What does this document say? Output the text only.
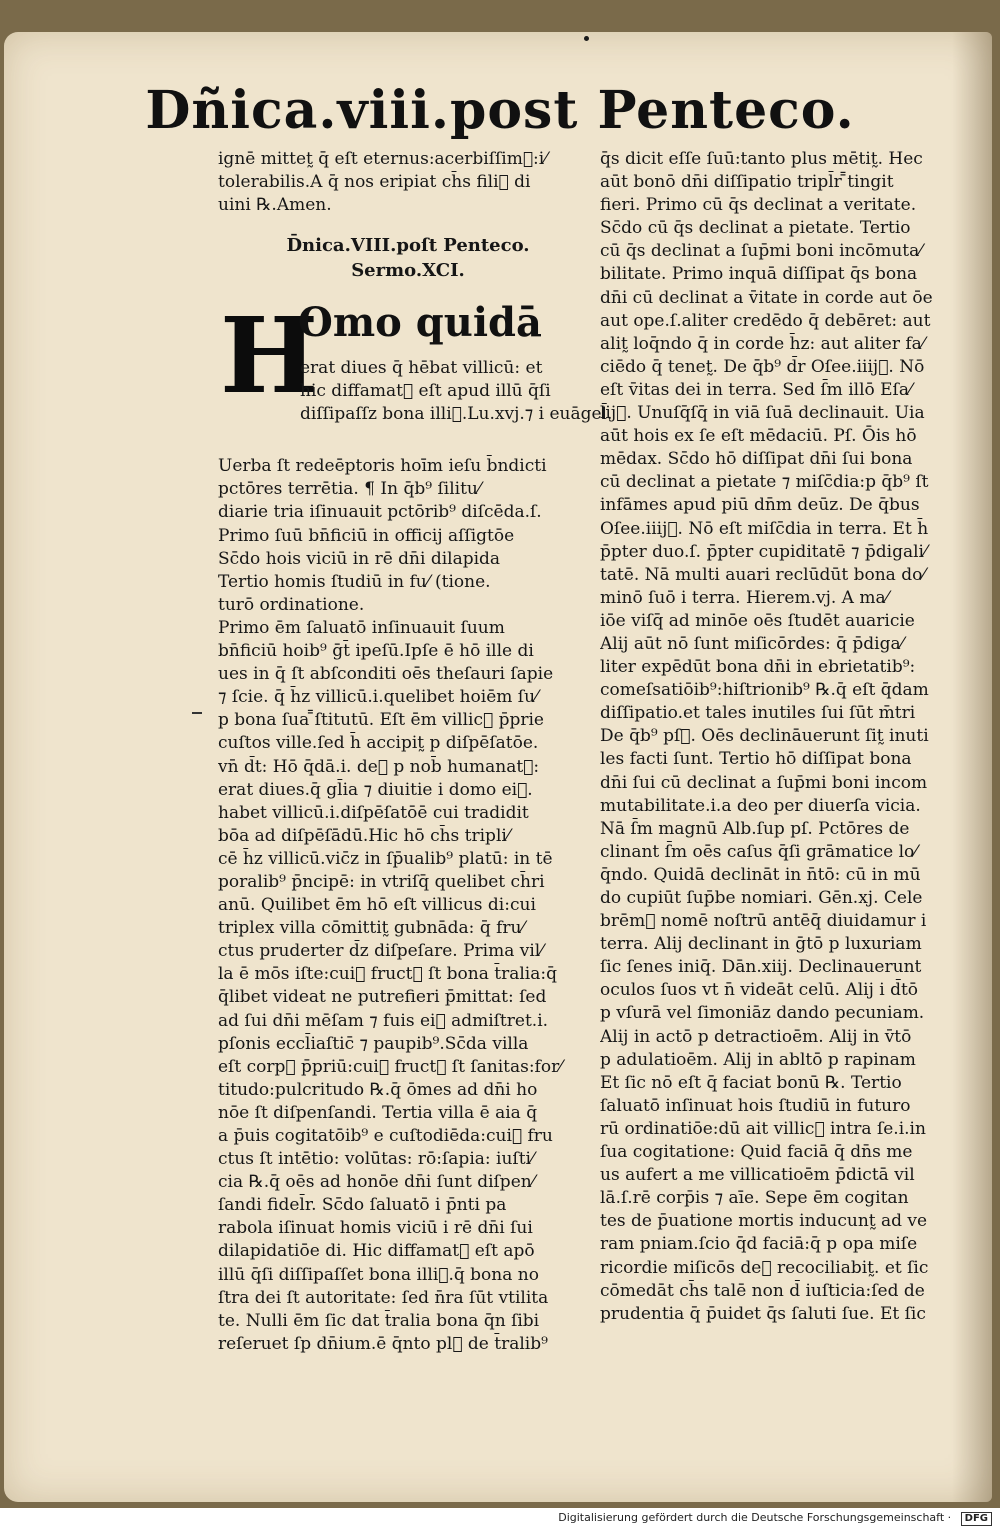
Dñica.viii.post Penteco.
ignē mittet̰ q̄ eſt eternus:acerbiſſim᷒:i⁄
tolerabilis.A q̄ nos eripiat ch̄s fili᷒ di
uini ℞.Amen.
D̄nica.VIII.poſt Penteco.
Sermo.XCI.
H
Omo quidā
erat diues q̄ hēbat villicū: et
hic diffamat᷒ eſt apud illū q̄ſi
diſſipaſſz bona illi᷒.Lu.xvj.⁊ i euāgel̄.
Uerba ſt redeēptoris hoīm ieſu b̄ndicti
pctōres terrētia. ¶ In q̄b⁹ ſilitu⁄
diarie tria iſinuauit pctōrib⁹ diſcēda.ſ.
Primo ſuū bn̄ficiū in officij aſſigtōe
Sc̄do hois viciū in rē dn̄i dilapida
Tertio homis ſtudiū in fu⁄ (tione.
turō ordinatione.
Primo ēm ſaluatō inſinuauit ſuum
bn̄ficiū hoib⁹ ḡt̄ ipeſū.Ipſe ē hō ille di
ues in q̄ ſt abſconditi oēs theſauri ſapie
⁊ ſcie. q̄ h̄z villicū.i.quelibet hoiēm ſu⁄
p bona ſua ̄̄ſtitutū. Eſt ēm villic᷒ p̄prie
cuſtos ville.ſed h̄ accipit̰ p diſpēſatōe.
vn̄ d̄t: Hō q̄dā.i. de᷒ p nob̄ humanat᷒:
erat diues.q̄ gl̄ia ⁊ diuitie i domo ei᷒.
habet villicū.i.diſpēſatōē cui tradidit
bōa ad diſpēſādū.Hic hō ch̄s tripli⁄
cē h̄z villicū.vic̄z in ſp̄ualib⁹ platū: in tē
poralib⁹ p̄ncipē: in vtriſq̄ quelibet ch̄ri
anū. Quilibet ēm hō eſt villicus di:cui
triplex villa cōmittit̰ gubnāda: q̄ fru⁄
ctus pruderter d̄z diſpeſare. Prima vil⁄
la ē mōs iſte:cui᷒ fruct᷒ ſt bona t̄ralia:q̄
q̄libet videat ne putrefieri p̄mittat: ſed
ad ſui dn̄i mēſam ⁊ fuis ei᷒ admiſtret.i.
pſonis eccl̄iaſtic̄ ⁊ paupib⁹.Sc̄da villa
eſt corp᷒ p̄priū:cui᷒ fruct᷒ ſt ſanitas:for⁄
titudo:pulcritudo ℞.q̄ ōmes ad dn̄i ho
nōe ſt diſpenſandi. Tertia villa ē aia q̄
a p̄uis cogitatōib⁹ e cuſtodiēda:cui᷒ fru
ctus ſt intētio: volūtas: rō:ſapia: iuſti⁄
cia ℞.q̄ oēs ad honōe dn̄i ſunt diſpen⁄
ſandi fidel̄r. Sc̄do ſaluatō i p̄nti pa
rabola iſinuat homis viciū i rē dn̄i ſui
dilapidatiōe di. Hic diffamat᷒ eſt apō
illū q̄ſi diſſipaſſet bona illi᷒.q̄ bona no
ſtra dei ſt autoritate: ſed n̄ra ſūt vtilita
te. Nulli ēm ſic dat t̄ralia bona q̄n ſibi
reſeruet ſp dn̄ium.ē q̄nto pl᷒ de t̄ralib⁹
q̄s dicit eſſe ſuū:tanto plus mētit̰. Hec
aūt bonō dn̄i diſſipatio tripl̄r ̄̄tingit
fieri. Primo cū q̄s declinat a veritate.
Sc̄do cū q̄s declinat a pietate. Tertio
cū q̄s declinat a ſup̄mi boni incōmuta⁄
bilitate. Primo inquā diſſipat q̄s bona
dn̄i cū declinat a v̄itate in corde aut ōe
aut ope.ſ.aliter credēdo q̄ debēret: aut
alit̰ loq̄ndo q̄ in corde h̄z: aut aliter fa⁄
ciēdo q̄ tenet̰. De q̄b⁹ d̄r Oſee.iiij᷒. Nō
eſt v̄itas dei in terra. Sed ſ̄m illō Eſa⁄
lij᷒. Unuſq̄ſq̄ in viā ſuā declinauit. Uia
aūt hois ex ſe eſt mēdaciū. Pſ. Ōis hō
mēdax. Sc̄do hō diſſipat dn̄i ſui bona
cū declinat a pietate ⁊ miſc̄dia:p q̄b⁹ ſt
infāmes apud piū dn̄m deūz. De q̄bus
Oſee.iiij᷒. Nō eſt miſc̄dia in terra. Et h̄
p̄pter duo.ſ. p̄pter cupiditatē ⁊ p̄digali⁄
tatē. Nā multi auari reclūdūt bona do⁄
minō ſuō i terra. Hierem.vj. A ma⁄
iōe viſq̄ ad minōe oēs ſtudēt auaricie
Alij aūt nō ſunt miſicōrdes: q̄ p̄diga⁄
liter expēdūt bona dn̄i in ebrietatib⁹:
comeſsatiōib⁹:hiſtrionib⁹ ℞.q̄ eſt q̄dam
diſſipatio.et tales inutiles ſui ſūt m̄tri
De q̄b⁹ pſ᷒. Oēs declināuerunt ſit̰ inuti
les facti ſunt. Tertio hō diſſipat bona
dn̄i ſui cū declinat a ſup̄mi boni incom
mutabilitate.i.a deo per diuerſa vicia.
Nā ſ̄m magnū Alb.ſup pſ. Pctōres de
clinant ſ̄m oēs caſus q̄ſi grāmatice lo⁄
q̄ndo. Quidā declināt in n̄tō: cū in mū
do cupiūt ſup̄be nomiari. Gēn.xj. Cele
brēm᷒ nomē noſtrū antēq̄ diuidamur i
terra. Alij declinant in ḡtō p luxuriam
ſic ſenes iniq̄. Dān.xiij. Declinauerunt
oculos ſuos vt n̄ videāt celū. Alij i d̄tō
p vſurā vel ſimoniāz dando pecuniam.
Alij in actō p detractioēm. Alij in v̄tō
p adulatioēm. Alij in abltō p rapinam
Et ſic nō eſt q̄ faciat bonū ℞. Tertio
ſaluatō inſinuat hois ſtudiū in futuro
rū ordinatiōe:dū ait villic᷒ intra ſe.i.in
ſua cogitatione: Quid faciā q̄ dn̄s me
us aufert a me villicatioēm p̄dictā vil
lā.ſ.rē corp̄is ⁊ aīe. Sepe ēm cogitan
tes de p̄uatione mortis inducunt̰ ad ve
ram pniam.ſcio q̄d faciā:q̄ p opa miſe
ricordie miſicōs de᷒ recociliabit̰. et ſic
cōmedāt ch̄s talē non d̄ iuſticia:ſed de
prudentia q̄ p̄uidet q̄s ſaluti ſue. Et ſic
Digitalisierung gefördert durch die Deutsche Forschungsgemeinschaft · DFG
